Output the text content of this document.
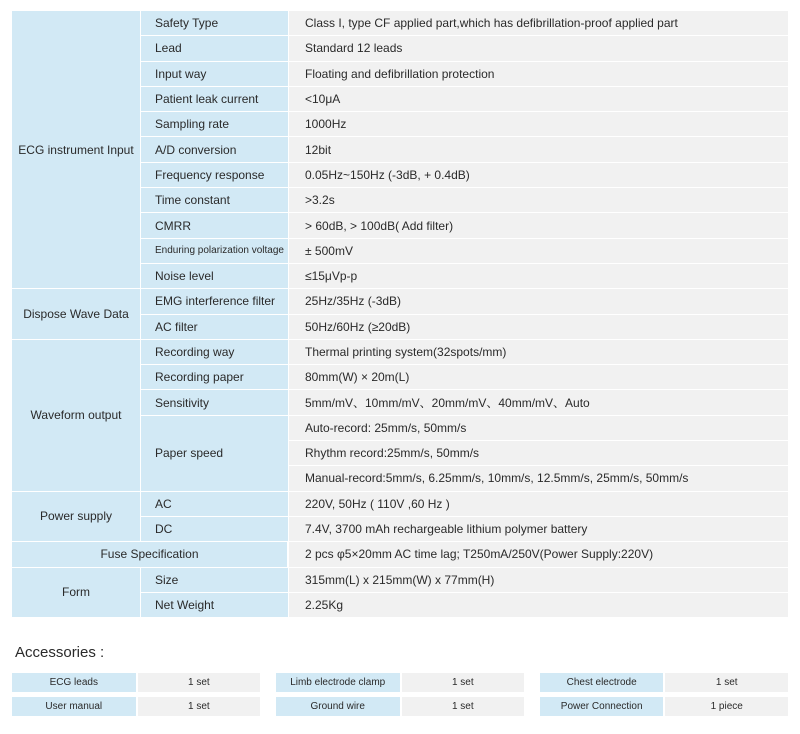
ECG instrument Input	Safety Type	Class I, type CF applied part,which has defibrillation-proof applied part
	Lead	Standard 12 leads
	Input way	Floating and defibrillation protection
	Patient leak current	<10μA
	Sampling rate	1000Hz
	A/D conversion	12bit
	Frequency response	0.05Hz~150Hz (-3dB, + 0.4dB)
	Time constant	>3.2s
	CMRR	> 60dB, > 100dB( Add filter)
	Enduring polarization voltage	± 500mV
	Noise level	≤15μVp-p
Dispose Wave Data	EMG interference filter	25Hz/35Hz (-3dB)
	AC filter	50Hz/60Hz (≥20dB)
Waveform output	Recording way	Thermal printing system(32spots/mm)
	Recording paper	80mm(W) × 20m(L)
	Sensitivity	5mm/mV、10mm/mV、20mm/mV、40mm/mV、Auto
	Paper speed	Auto-record: 25mm/s, 50mm/s
		Rhythm record:25mm/s, 50mm/s
		Manual-record:5mm/s, 6.25mm/s, 10mm/s, 12.5mm/s, 25mm/s, 50mm/s
Power supply	AC	220V, 50Hz ( 110V ,60 Hz )
	DC	7.4V, 3700 mAh rechargeable lithium polymer battery
Fuse Specification		2 pcs φ5×20mm AC time lag; T250mA/250V(Power Supply:220V)
Form	Size	315mm(L) x 215mm(W) x 77mm(H)
	Net Weight	2.25Kg
Accessories :
ECG leads	1 set	Limb electrode clamp	1 set	Chest electrode	1 set
User manual	1 set	Ground wire	1 set	Power Connection	1 piece
